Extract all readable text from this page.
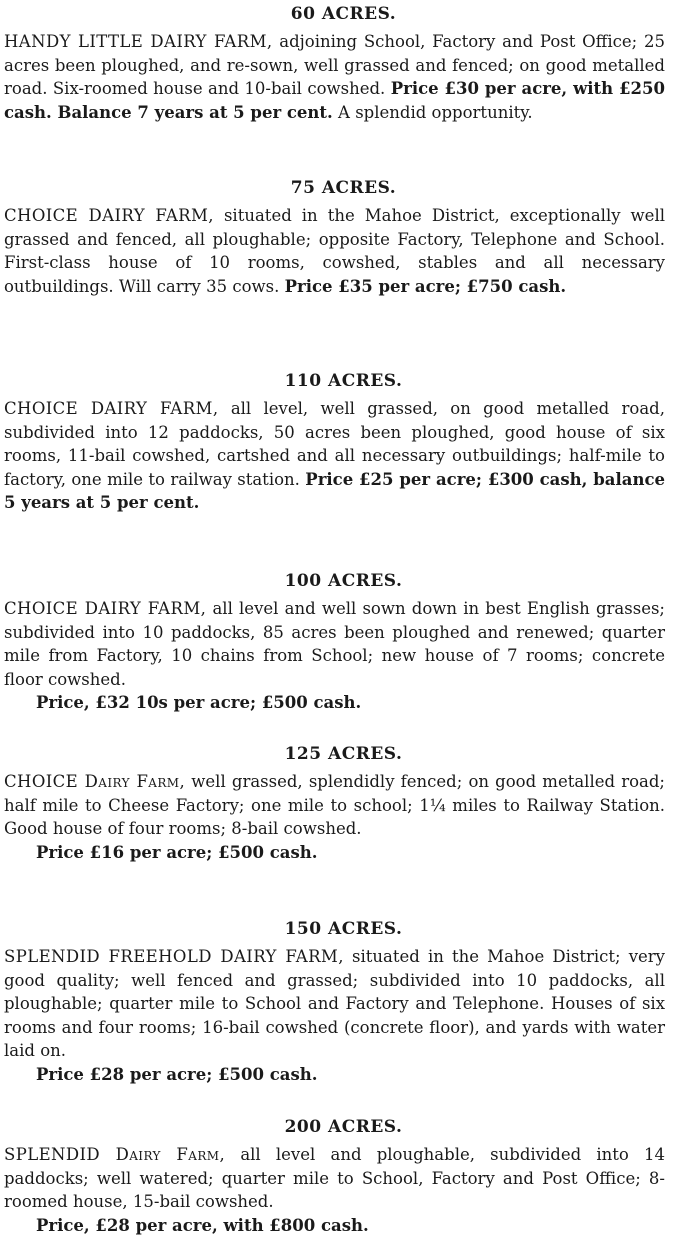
60 ACRES.

HANDY LITTLE DAIRY FARM, adjoining School, Factory and Post Office; 25 acres been ploughed, and re-sown, well grassed and fenced; on good metalled road. Six-roomed house and 10-bail cowshed. Price £30 per acre, with £250 cash. Balance 7 years at 5 per cent. A splendid opportunity.

75 ACRES.

CHOICE DAIRY FARM, situated in the Mahoe District, exceptionally well grassed and fenced, all ploughable; opposite Factory, Telephone and School. First-class house of 10 rooms, cowshed, stables and all necessary outbuildings. Will carry 35 cows. Price £35 per acre; £750 cash.

110 ACRES.

CHOICE DAIRY FARM, all level, well grassed, on good metalled road, subdivided into 12 paddocks, 50 acres been ploughed, good house of six rooms, 11-bail cowshed, cartshed and all necessary outbuildings; half-mile to factory, one mile to railway station. Price £25 per acre; £300 cash, balance 5 years at 5 per cent.

100 ACRES.

CHOICE DAIRY FARM, all level and well sown down in best English grasses; subdivided into 10 paddocks, 85 acres been ploughed and renewed; quarter mile from Factory, 10 chains from School; new house of 7 rooms; concrete floor cowshed.
Price, £32 10s per acre; £500 cash.

125 ACRES.

CHOICE Dairy Farm, well grassed, splendidly fenced; on good metalled road; half mile to Cheese Factory; one mile to school; 1¼ miles to Railway Station. Good house of four rooms; 8-bail cowshed.
Price £16 per acre; £500 cash.

150 ACRES.

SPLENDID FREEHOLD DAIRY FARM, situated in the Mahoe District; very good quality; well fenced and grassed; subdivided into 10 paddocks, all ploughable; quarter mile to School and Factory and Telephone. Houses of six rooms and four rooms; 16-bail cowshed (concrete floor), and yards with water laid on.
Price £28 per acre; £500 cash.

200 ACRES.

SPLENDID Dairy Farm, all level and ploughable, subdivided into 14 paddocks; well watered; quarter mile to School, Factory and Post Office; 8-roomed house, 15-bail cowshed.
Price, £28 per acre, with £800 cash.
